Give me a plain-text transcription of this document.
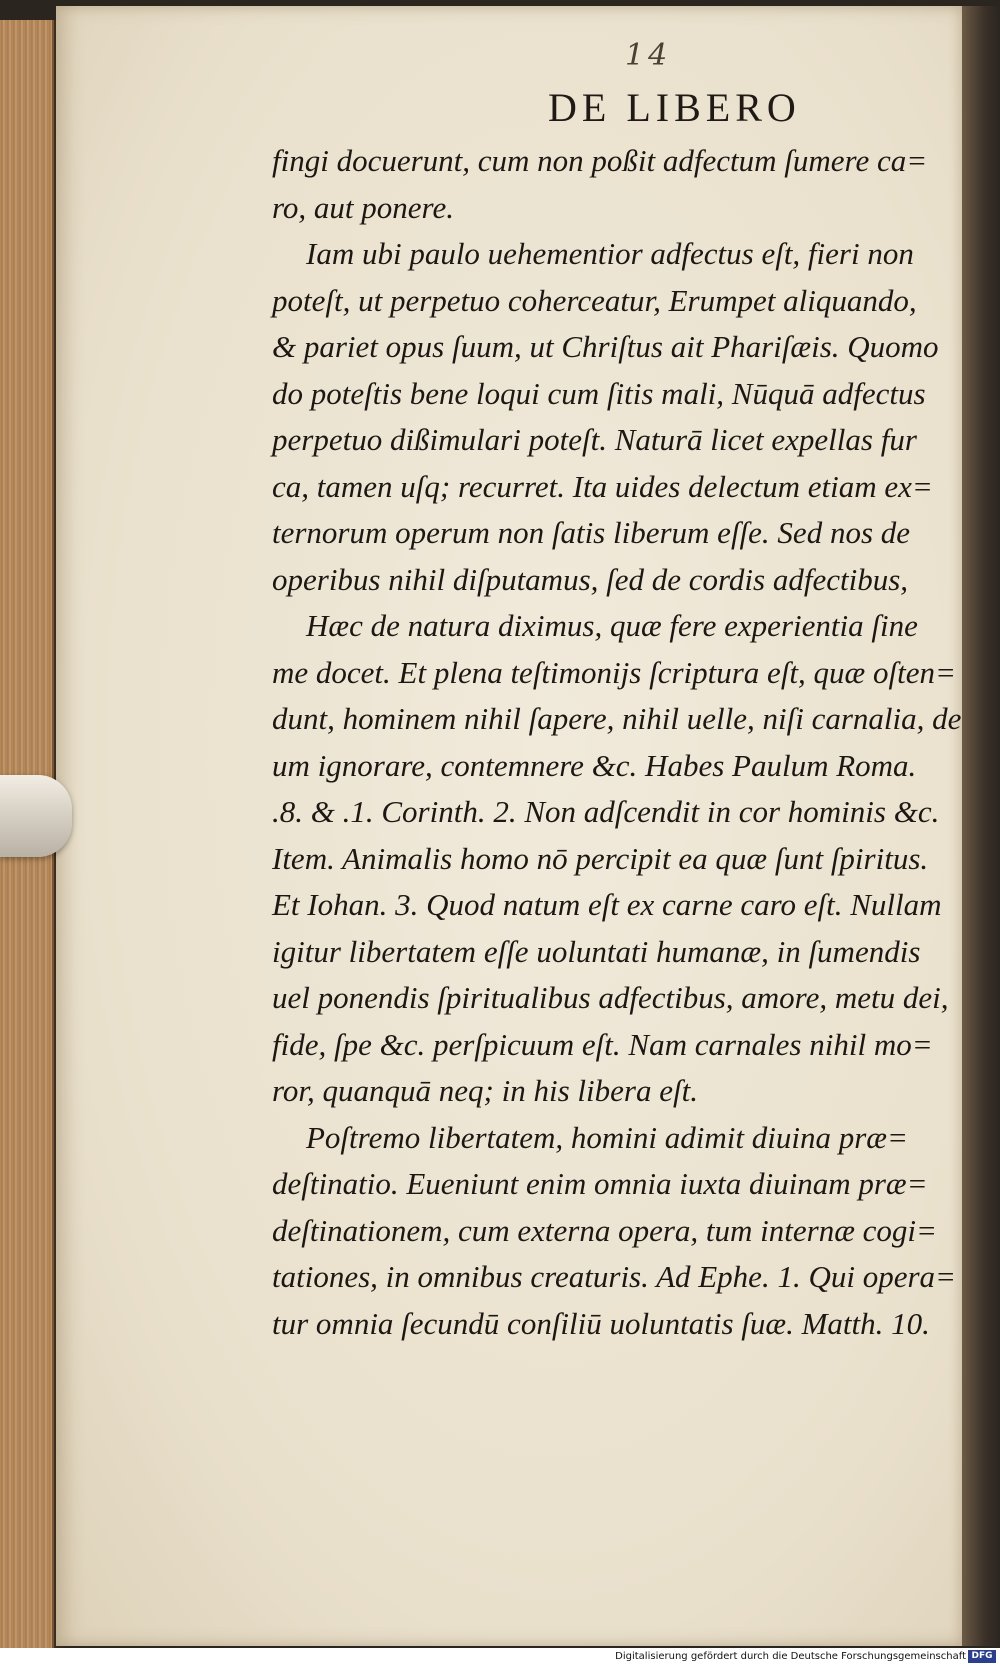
14
DE LIBERO
fingi docuerunt, cum non poßit adfectum ſumere ca=
ro, aut ponere.
Iam ubi paulo uehementior adfectus eſt, fieri non
poteſt, ut perpetuo coherceatur, Erumpet aliquando,
& pariet opus ſuum, ut Chriſtus ait Phariſæis. Quomo
do poteſtis bene loqui cum ſitis mali, Nūquā adfectus
perpetuo dißimulari poteſt. Naturā licet expellas fur
ca, tamen uſq; recurret. Ita uides delectum etiam ex=
ternorum operum non ſatis liberum eſſe. Sed nos de
operibus nihil diſputamus, ſed de cordis adfectibus,
Hæc de natura diximus, quæ fere experientia ſine
me docet. Et plena teſtimonijs ſcriptura eſt, quæ oſten=
dunt, hominem nihil ſapere, nihil uelle, niſi carnalia, de
um ignorare, contemnere &c. Habes Paulum Roma.
.8. & .1. Corinth. 2. Non adſcendit in cor hominis &c.
Item. Animalis homo nō percipit ea quæ ſunt ſpiritus.
Et Iohan. 3. Quod natum eſt ex carne caro eſt. Nullam
igitur libertatem eſſe uoluntati humanæ, in ſumendis
uel ponendis ſpiritualibus adfectibus, amore, metu dei,
fide, ſpe &c. perſpicuum eſt. Nam carnales nihil mo=
ror, quanquā neq; in his libera eſt.
Poſtremo libertatem, homini adimit diuina præ=
deſtinatio. Eueniunt enim omnia iuxta diuinam præ=
deſtinationem, cum externa opera, tum internæ cogi=
tationes, in omnibus creaturis. Ad Ephe. 1. Qui opera=
tur omnia ſecundū conſiliū uoluntatis ſuæ. Matth. 10.
Digitalisierung gefördert durch die Deutsche Forschungsgemeinschaft DFG
